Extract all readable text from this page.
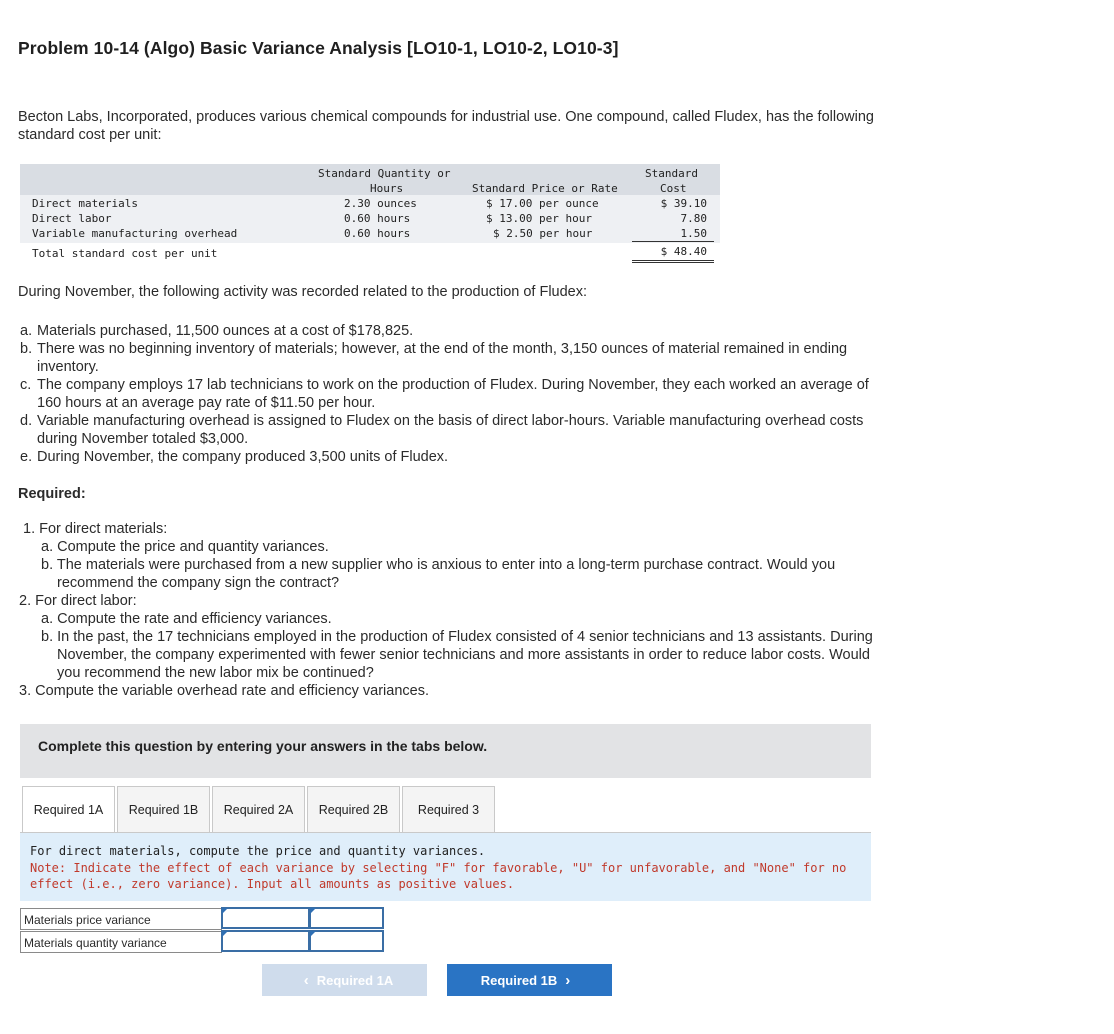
Problem 10-14 (Algo) Basic Variance Analysis [LO10-1, LO10-2, LO10-3]
Becton Labs, Incorporated, produces various chemical compounds for industrial use. One compound, called Fludex, has the following
standard cost per unit:
Standard Quantity or
Hours	Standard Price or Rate
Standard
Cost
Direct materials	2.30 ounces	$ 17.00 per ounce	$ 39.10
Direct labor	0.60 hours	$ 13.00 per hour	7.80
Variable manufacturing overhead	0.60 hours	$ 2.50 per hour	1.50
Total standard cost per unit	$ 48.40
During November, the following activity was recorded related to the production of Fludex:
a. Materials purchased, 11,500 ounces at a cost of $178,825.
b. There was no beginning inventory of materials; however, at the end of the month, 3,150 ounces of material remained in ending
inventory.
c. The company employs 17 lab technicians to work on the production of Fludex. During November, they each worked an average of
160 hours at an average pay rate of $11.50 per hour.
d. Variable manufacturing overhead is assigned to Fludex on the basis of direct labor-hours. Variable manufacturing overhead costs
during November totaled $3,000.
e. During November, the company produced 3,500 units of Fludex.
Required:
1. For direct materials:
a. Compute the price and quantity variances.
b. The materials were purchased from a new supplier who is anxious to enter into a long-term purchase contract. Would you
recommend the company sign the contract?
2. For direct labor:
a. Compute the rate and efficiency variances.
b. In the past, the 17 technicians employed in the production of Fludex consisted of 4 senior technicians and 13 assistants. During
November, the company experimented with fewer senior technicians and more assistants in order to reduce labor costs. Would
you recommend the new labor mix be continued?
3. Compute the variable overhead rate and efficiency variances.
Complete this question by entering your answers in the tabs below.
Required 1A	Required 1B	Required 2A	Required 2B	Required 3
For direct materials, compute the price and quantity variances.
Note: Indicate the effect of each variance by selecting "F" for favorable, "U" for unfavorable, and "None" for no effect (i.e., zero variance). Input all amounts as positive values.
Materials price variance
Materials quantity variance
‹ Required 1A	Required 1B ›
